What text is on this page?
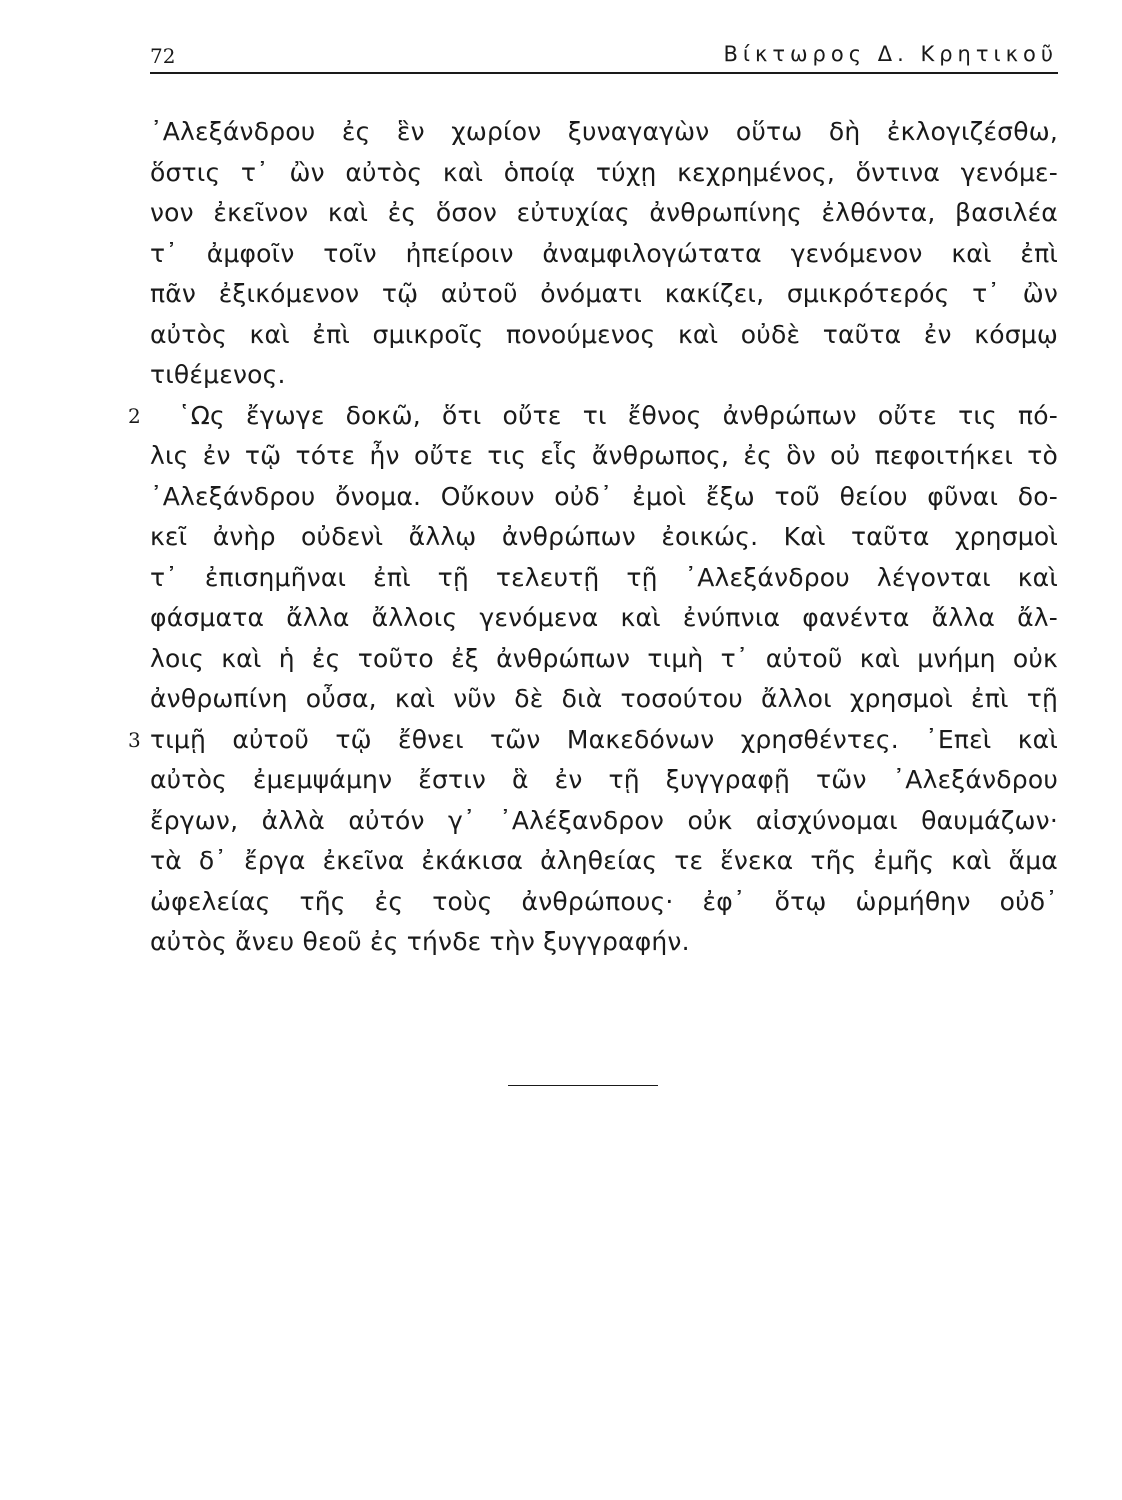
72	Βίκτωρος Δ. Κρητικοῦ
᾿Αλεξάνδρου ἐς ἓν χωρίον ξυναγαγὼν οὕτω δὴ ἐκλογιζέσθω,
ὅστις τ᾿ ὢν αὐτὸς καὶ ὁποίᾳ τύχῃ κεχρημένος, ὅντινα γενόμε-
νον ἐκεῖνον καὶ ἐς ὅσον εὐτυχίας ἀνθρωπίνης ἐλθόντα, βασιλέα
τ᾿ ἀμφοῖν τοῖν ἠπείροιν ἀναμφιλογώτατα γενόμενον καὶ ἐπὶ
πᾶν ἐξικόμενον τῷ αὐτοῦ ὀνόματι κακίζει, σμικρότερός τ᾿ ὢν
αὐτὸς καὶ ἐπὶ σμικροῖς πονούμενος καὶ οὐδὲ ταῦτα ἐν κόσμῳ
τιθέμενος.
2 ῾Ως ἔγωγε δοκῶ, ὅτι οὔτε τι ἔθνος ἀνθρώπων οὔτε τις πό-
λις ἐν τῷ τότε ἦν οὔτε τις εἷς ἄνθρωπος, ἐς ὃν οὐ πεφοιτήκει τὸ
᾿Αλεξάνδρου ὄνομα. Οὔκουν οὐδ᾿ ἐμοὶ ἔξω τοῦ θείου φῦναι δο-
κεῖ ἀνὴρ οὐδενὶ ἄλλῳ ἀνθρώπων ἐοικώς. Καὶ ταῦτα χρησμοὶ
τ᾿ ἐπισημῆναι ἐπὶ τῇ τελευτῇ τῇ ᾿Αλεξάνδρου λέγονται καὶ
φάσματα ἄλλα ἄλλοις γενόμενα καὶ ἐνύπνια φανέντα ἄλλα ἄλ-
λοις καὶ ἡ ἐς τοῦτο ἐξ ἀνθρώπων τιμὴ τ᾿ αὐτοῦ καὶ μνήμη οὐκ
ἀνθρωπίνη οὖσα, καὶ νῦν δὲ διὰ τοσούτου ἄλλοι χρησμοὶ ἐπὶ τῇ
3 τιμῇ αὐτοῦ τῷ ἔθνει τῶν Μακεδόνων χρησθέντες. ᾿Επεὶ καὶ
αὐτὸς ἐμεμψάμην ἔστιν ἃ ἐν τῇ ξυγγραφῇ τῶν ᾿Αλεξάνδρου
ἔργων, ἀλλὰ αὐτόν γ᾿ ᾿Αλέξανδρον οὐκ αἰσχύνομαι θαυμάζων·
τὰ δ᾿ ἔργα ἐκεῖνα ἐκάκισα ἀληθείας τε ἕνεκα τῆς ἐμῆς καὶ ἅμα
ὠφελείας τῆς ἐς τοὺς ἀνθρώπους· ἐφ᾿ ὅτῳ ὡρμήθην οὐδ᾿
αὐτὸς ἄνευ θεοῦ ἐς τήνδε τὴν ξυγγραφήν.
